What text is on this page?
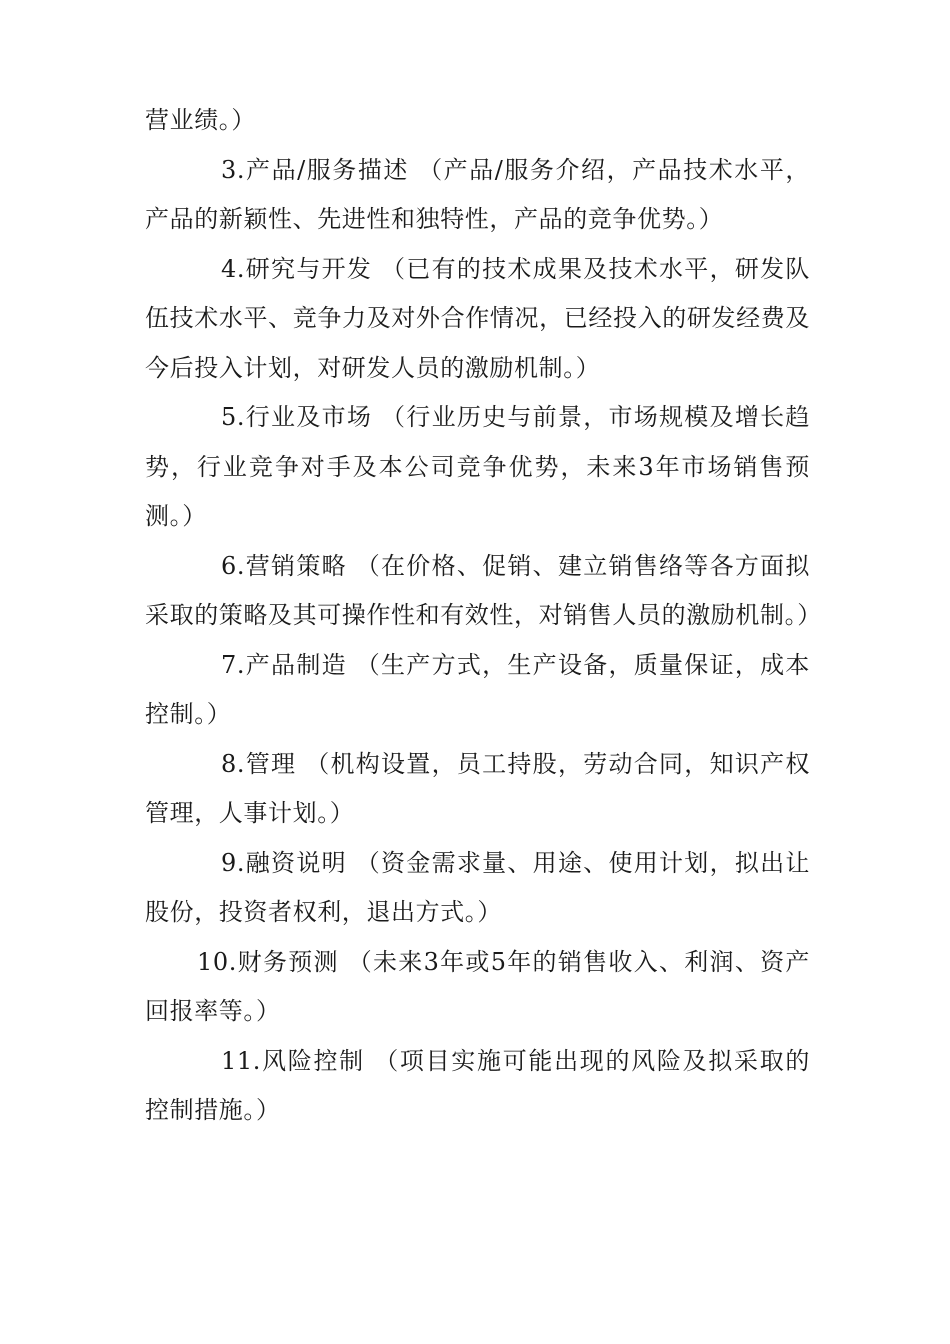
营业绩。）

3.产品/服务描述 （产品/服务介绍，产品技术水平，产品的新颖性、先进性和独特性，产品的竞争优势。）

4.研究与开发 （已有的技术成果及技术水平，研发队伍技术水平、竞争力及对外合作情况，已经投入的研发经费及今后投入计划，对研发人员的激励机制。）

5.行业及市场 （行业历史与前景，市场规模及增长趋势，行业竞争对手及本公司竞争优势，未来3年市场销售预测。）

6.营销策略 （在价格、促销、建立销售络等各方面拟采取的策略及其可操作性和有效性，对销售人员的激励机制。）

7.产品制造 （生产方式，生产设备，质量保证，成本控制。）

8.管理 （机构设置，员工持股，劳动合同，知识产权管理，人事计划。）

9.融资说明 （资金需求量、用途、使用计划，拟出让股份，投资者权利，退出方式。）

10.财务预测 （未来3年或5年的销售收入、利润、资产回报率等。）

11.风险控制 （项目实施可能出现的风险及拟采取的控制措施。）
